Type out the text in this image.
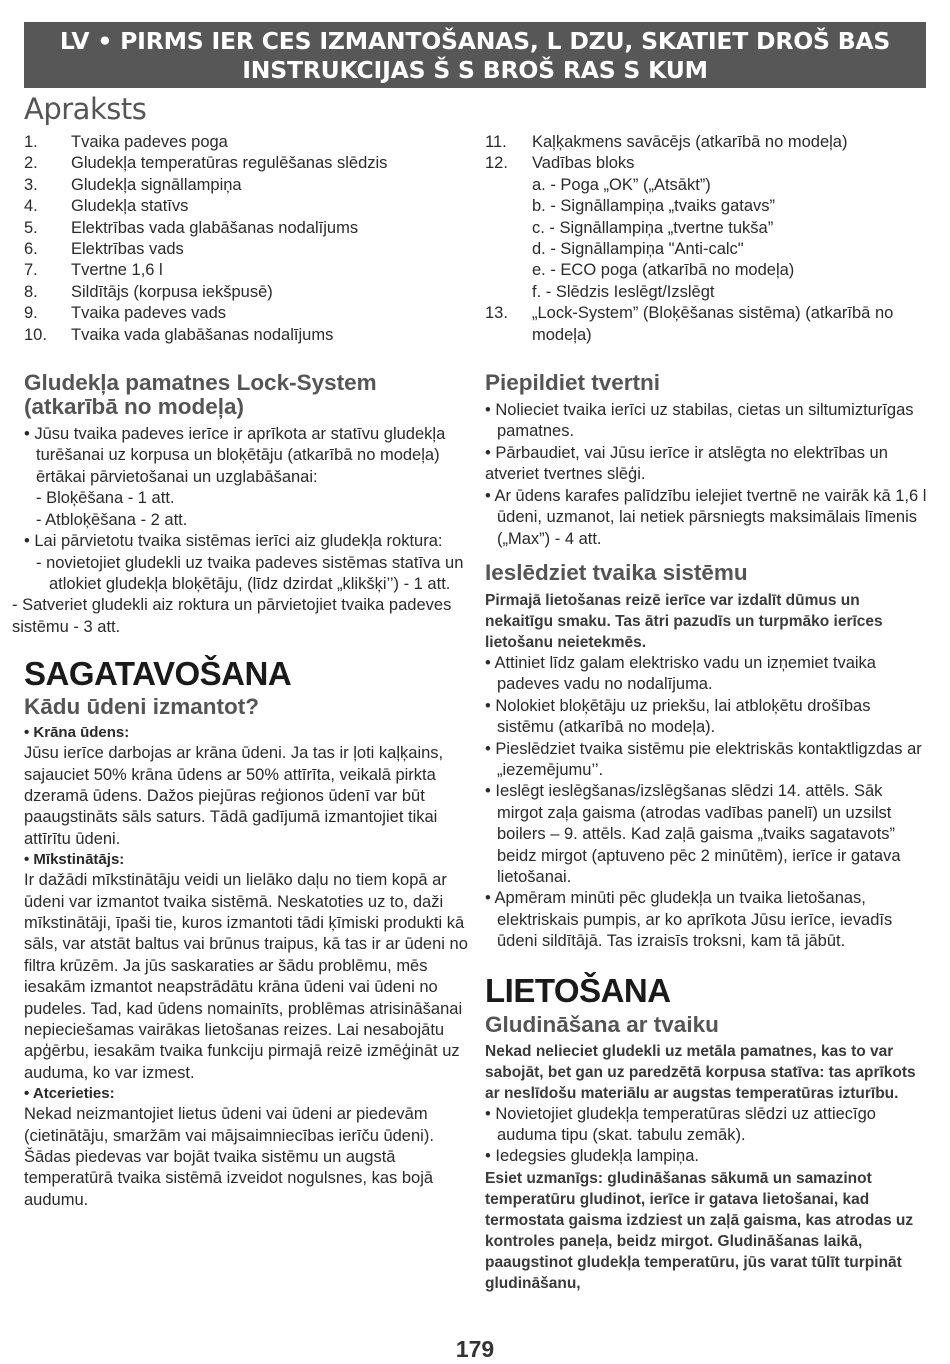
LV • PIRMS IER CES IZMANTOŠANAS, L DZU, SKATIET DROŠ BAS
INSTRUKCIJAS Š S BROŠ RAS S KUM
Apraksts
1.	Tvaika padeves poga
2.	Gludekļa temperatūras regulēšanas slēdzis
3.	Gludekļa signāllampiņa
4.	Gludekļa statīvs
5.	Elektrības vada glabāšanas nodalījums
6.	Elektrības vads
7.	Tvertne 1,6 l
8.	Sildītājs (korpusa iekšpusē)
9.	Tvaika padeves vads
10.	Tvaika vada glabāšanas nodalījums
Gludekļa pamatnes Lock-System
(atkarībā no modeļa)

• Jūsu tvaika padeves ierīce ir aprīkota ar statīvu gludekļa turēšanai uz korpusa un bloķētāju (atkarībā no modeļa) ērtākai pārvietošanai un uzglabāšanai:

- Bloķēšana - 1 att.

- Atbloķēšana - 2 att.

• Lai pārvietotu tvaika sistēmas ierīci aiz gludekļa roktura:

- novietojiet gludekli uz tvaika padeves sistēmas statīva un atlokiet gludekļa bloķētāju, (līdz dzirdat „klikšķi’’) - 1 att.

- Satveriet gludekli aiz roktura un pārvietojiet tvaika padeves sistēmu - 3 att.

SAGATAVOŠANA
Kādu ūdeni izmantot?

• Krāna ūdens:

Jūsu ierīce darbojas ar krāna ūdeni. Ja tas ir ļoti kaļķains, sajauciet 50% krāna ūdens ar 50% attīrīta, veikalā pirkta dzeramā ūdens. Dažos piejūras reģionos ūdenī var būt paaugstināts sāls saturs. Tādā gadījumā izmantojiet tikai attīrītu ūdeni.

• Mīkstinātājs:

Ir dažādi mīkstinātāju veidi un lielāko daļu no tiem kopā ar ūdeni var izmantot tvaika sistēmā. Neskatoties uz to, daži mīkstinātāji, īpaši tie, kuros izmantoti tādi ķīmiski produkti kā sāls, var atstāt baltus vai brūnus traipus, kā tas ir ar ūdeni no filtra krūzēm. Ja jūs saskaraties ar šādu problēmu, mēs iesakām izmantot neapstrādātu krāna ūdeni vai ūdeni no pudeles. Tad, kad ūdens nomainīts, problēmas atrisināšanai nepieciešamas vairākas lietošanas reizes. Lai nesabojātu apģērbu, iesakām tvaika funkciju pirmajā reizē izmēģināt uz auduma, ko var izmest.

• Atcerieties:

Nekad neizmantojiet lietus ūdeni vai ūdeni ar piedevām (cietinātāju, smaržām vai mājsaimniecības ierīču ūdeni). Šādas piedevas var bojāt tvaika sistēmu un augstā temperatūrā tvaika sistēmā izveidot nogulsnes, kas bojā audumu.

11.	Kaļķakmens savācējs (atkarībā no modeļa)
12.	Vadības bloks
a. - Poga „OK” („Atsākt”)
b. - Signāllampiņa „tvaiks gatavs”
c. - Signāllampiņa „tvertne tukša”
d. - Signāllampiņa "Anti-calc"
e. - ECO poga (atkarībā no modeļa)
f. - Slēdzis Ieslēgt/Izslēgt
13.	„Lock-System” (Bloķēšanas sistēma) (atkarībā no modeļa)
Piepildiet tvertni

• Nolieciet tvaika ierīci uz stabilas, cietas un siltumizturīgas pamatnes.

• Pārbaudiet, vai Jūsu ierīce ir atslēgta no elektrības un atveriet tvertnes slēģi.

• Ar ūdens karafes palīdzību ielejiet tvertnē ne vairāk kā 1,6 l ūdeni, uzmanot, lai netiek pārsniegts maksimālais līmenis („Max”) - 4 att.

Ieslēdziet tvaika sistēmu

Pirmajā lietošanas reizē ierīce var izdalīt dūmus un nekaitīgu smaku. Tas ātri pazudīs un turpmāko ierīces lietošanu neietekmēs.

• Attiniet līdz galam elektrisko vadu un izņemiet tvaika padeves vadu no nodalījuma.

• Nolokiet bloķētāju uz priekšu, lai atbloķētu drošības sistēmu (atkarībā no modeļa).

• Pieslēdziet tvaika sistēmu pie elektriskās kontaktligzdas ar „iezemējumu’’.

• Ieslēgt ieslēgšanas/izslēgšanas slēdzi 14. attēls. Sāk mirgot zaļa gaisma (atrodas vadības panelī) un uzsilst boilers – 9. attēls. Kad zaļā gaisma „tvaiks sagatavots” beidz mirgot (aptuveno pēc 2 minūtēm), ierīce ir gatava lietošanai.

• Apmēram minūti pēc gludekļa un tvaika lietošanas, elektriskais pumpis, ar ko aprīkota Jūsu ierīce, ievadīs ūdeni sildītājā. Tas izraisīs troksni, kam tā jābūt.

LIETOŠANA
Gludināšana ar tvaiku

Nekad nelieciet gludekli uz metāla pamatnes, kas to var sabojāt, bet gan uz paredzētā korpusa statīva: tas aprīkots ar neslīdošu materiālu ar augstas temperatūras izturību.

• Novietojiet gludekļa temperatūras slēdzi uz attiecīgo auduma tipu (skat. tabulu zemāk).

• Iedegsies gludekļa lampiņa.

Esiet uzmanīgs: gludināšanas sākumā un samazinot temperatūru gludinot, ierīce ir gatava lietošanai, kad termostata gaisma izdziest un zaļā gaisma, kas atrodas uz kontroles paneļa, beidz mirgot. Gludināšanas laikā, paaugstinot gludekļa temperatūru, jūs varat tūlīt turpināt gludināšanu,

179
